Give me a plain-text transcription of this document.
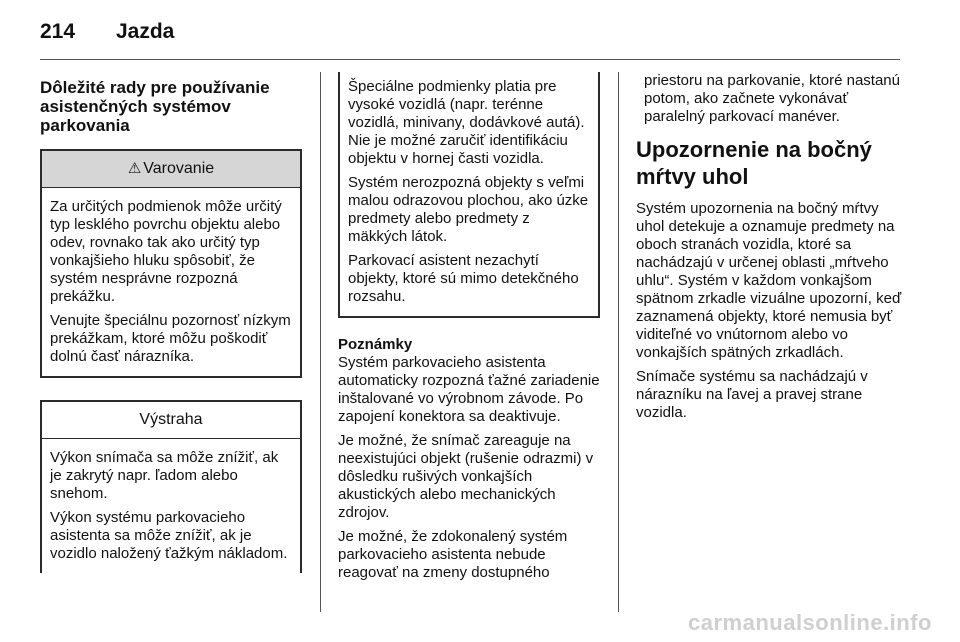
214 Jazda
Dôležité rady pre používanie asistenčných systémov parkovania
⚠ Varovanie

Za určitých podmienok môže určitý typ lesklého povrchu objektu alebo odev, rovnako tak ako určitý typ vonkajšieho hluku spôsobiť, že systém nesprávne rozpozná prekážku.

Venujte špeciálnu pozornosť nízkym prekážkam, ktoré môžu poškodiť dolnú časť nárazníka.

Výstraha

Výkon snímača sa môže znížiť, ak je zakrytý napr. ľadom alebo snehom.

Výkon systému parkovacieho asistenta sa môže znížiť, ak je vozidlo naložený ťažkým nákladom.

Špeciálne podmienky platia pre vysoké vozidlá (napr. terénne vozidlá, minivany, dodávkové autá). Nie je možné zaručiť identifikáciu objektu v hornej časti vozidla.

Systém nerozpozná objekty s veľmi malou odrazovou plochou, ako úzke predmety alebo predmety z mäkkých látok.

Parkovací asistent nezachytí objekty, ktoré sú mimo detekčného rozsahu.

Poznámky

Systém parkovacieho asistenta automaticky rozpozná ťažné zariadenie inštalované vo výrobnom závode. Po zapojení konektora sa deaktivuje.

Je možné, že snímač zareaguje na neexistujúci objekt (rušenie odrazmi) v dôsledku rušivých vonkajších akustických alebo mechanických zdrojov.

Je možné, že zdokonalený systém parkovacieho asistenta nebude reagovať na zmeny dostupného

priestoru na parkovanie, ktoré nastanú potom, ako začnete vykonávať paralelný parkovací manéver.

Upozornenie na bočný mŕtvy uhol

Systém upozornenia na bočný mŕtvy uhol detekuje a oznamuje predmety na oboch stranách vozidla, ktoré sa nachádzajú v určenej oblasti „mŕtveho uhlu“. Systém v každom vonkajšom spätnom zrkadle vizuálne upozorní, keď zaznamená objekty, ktoré nemusia byť viditeľné vo vnútornom alebo vo vonkajších spätných zrkadlách.

Snímače systému sa nachádzajú v nárazníku na ľavej a pravej strane vozidla.

carmanualsonline.info
